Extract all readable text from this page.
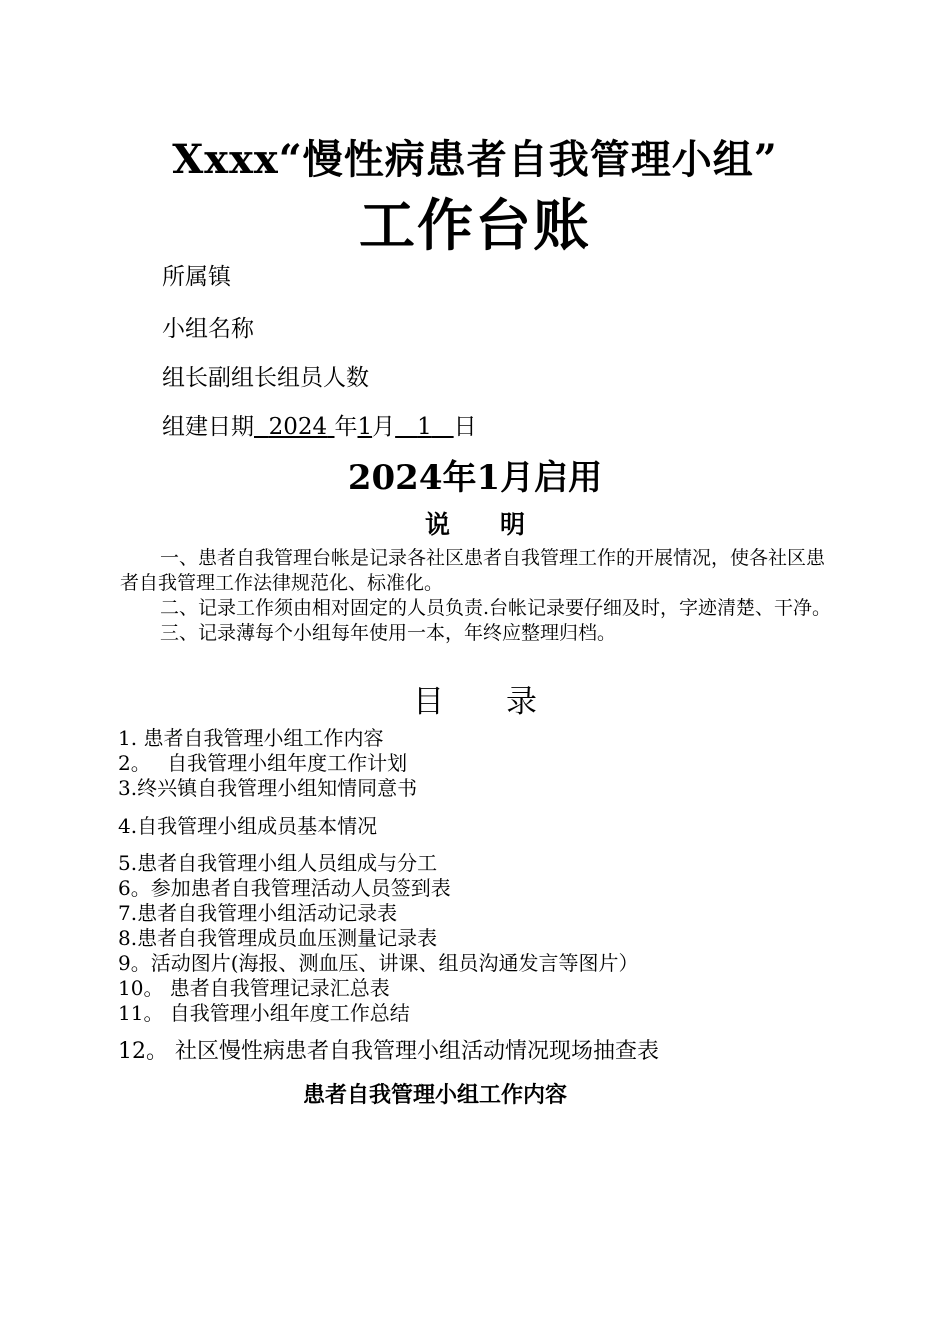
Xxxx“慢性病患者自我管理小组”
工作台账
所属镇
小组名称
组长副组长组员人数
组建日期 2024 年1月 1 日
2024年1月启用
说　　明

一、患者自我管理台帐是记录各社区患者自我管理工作的开展情况，使各社区患者自我管理工作法律规范化、标准化。

二、记录工作须由相对固定的人员负责.台帐记录要仔细及时，字迹清楚、干净。

三、记录薄每个小组每年使用一本，年终应整理归档。

目　　录
1. 患者自我管理小组工作内容
2。　 自我管理小组年度工作计划
3.终兴镇自我管理小组知情同意书
4.自我管理小组成员基本情况
5.患者自我管理小组人员组成与分工
6。参加患者自我管理活动人员签到表
7.患者自我管理小组活动记录表
8.患者自我管理成员血压测量记录表
9。活动图片(海报、测血压、讲课、组员沟通发言等图片）
10。 患者自我管理记录汇总表
11。 自我管理小组年度工作总结
12。 社区慢性病患者自我管理小组活动情况现场抽查表
患者自我管理小组工作内容
